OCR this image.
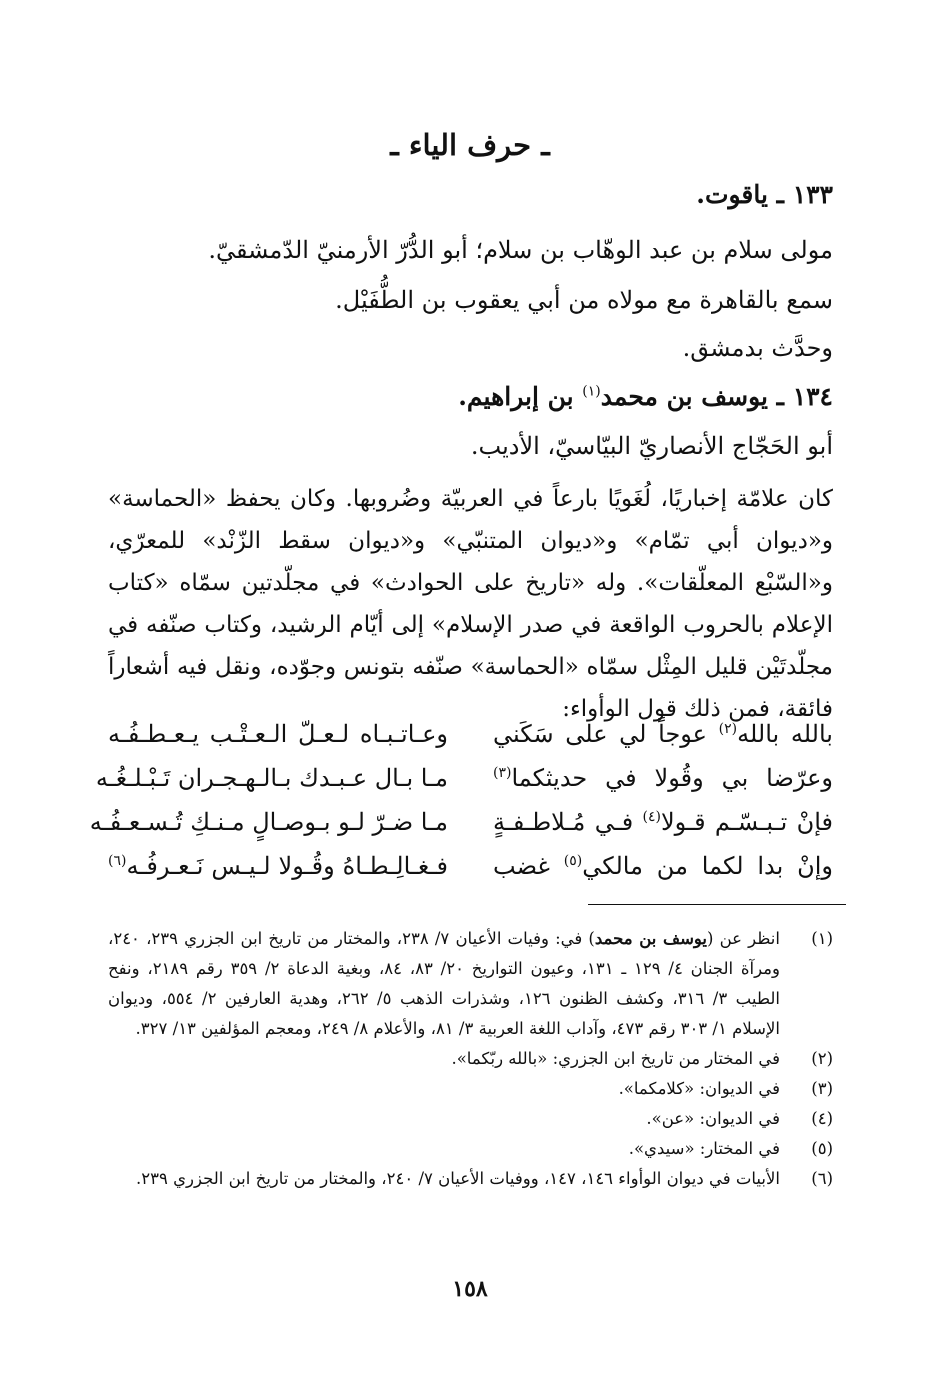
ـ حرف الياء ـ
١٣٣ ـ ياقوت.
مولى سلام بن عبد الوهّاب بن سلام؛ أبو الدُّرّ الأرمنيّ الدّمشقيّ.
سمع بالقاهرة مع مولاه من أبي يعقوب بن الطُّفَيْل.
وحدَّث بدمشق.
١٣٤ ـ يوسف بن محمد$^{(١)}$ بن إبراهيم.
أبو الحَجّاج الأنصاريّ البيّاسيّ، الأديب.

كان علامّة إخباريًا، لُغَويًا بارعاً في العربيّة وضُروبها. وكان يحفظ «الحماسة» و«ديوان أبي تمّام» و«ديوان المتنبّي» و«ديوان سقط الزّنْد» للمعرّي، و«السّبْع المعلّقات». وله «تاريخ على الحوادث» في مجلّدتين سمّاه «كتاب الإعلام بالحروب الواقعة في صدر الإسلام» إلى أيّام الرشيد، وكتاب صنّفه في مجلّدتَيْن قليل المِثْل سمّاه «الحماسة» صنّفه بتونس وجوّده، ونقل فيه أشعاراً فائقة، فمن ذلك قول الوأواء:

بالله بالله$^{(٢)}$ عوجاً لي على سَكَني
وعـاتـبـاه لـعـلّ الـعـتْـب يـعـطـفُـه
وعرّضا بي وقُولا في حديثكما$^{(٣)}$
مـا بـال عـبـدك بـالـهـجـران تَـبْـلـغُـه
فإنْ تـبـسّـم قـولا$^{(٤)}$ فـي مُـلاطـفـةٍ
مـا ضـرّ لـو بـوصـالٍ مـنـكِ تُـسـعـفُـه
وإنْ بدا لكما من مالكي$^{(٥)}$ غضب
فـغـالِـطـاهُ وقُـولا لـيـس نَـعـرفُـه$^{(٦)}$
(١)
انظر عن (يوسف بن محمد) في: وفيات الأعيان ٧/ ٢٣٨، والمختار من تاريخ ابن الجزري ٢٣٩، ٢٤٠، ومرآة الجنان ٤/ ١٢٩ ـ ١٣١، وعيون التواريخ ٢٠/ ٨٣، ٨٤، وبغية الدعاة ٢/ ٣٥٩ رقم ٢١٨٩، ونفح الطيب ٣/ ٣١٦، وكشف الظنون ١٢٦، وشذرات الذهب ٥/ ٢٦٢، وهدية العارفين ٢/ ٥٥٤، وديوان الإسلام ١/ ٣٠٣ رقم ٤٧٣، وآداب اللغة العربية ٣/ ٨١، والأعلام ٨/ ٢٤٩، ومعجم المؤلفين ١٣/ ٣٢٧.
(٢)
في المختار من تاريخ ابن الجزري: «بالله ربّكما».
(٣)
في الديوان: «كلامكما».
(٤)
في الديوان: «عن».
(٥)
في المختار: «سيدي».
(٦)
الأبيات في ديوان الوأواء ١٤٦، ١٤٧، ووفيات الأعيان ٧/ ٢٤٠، والمختار من تاريخ ابن الجزري ٢٣٩.
١٥٨
